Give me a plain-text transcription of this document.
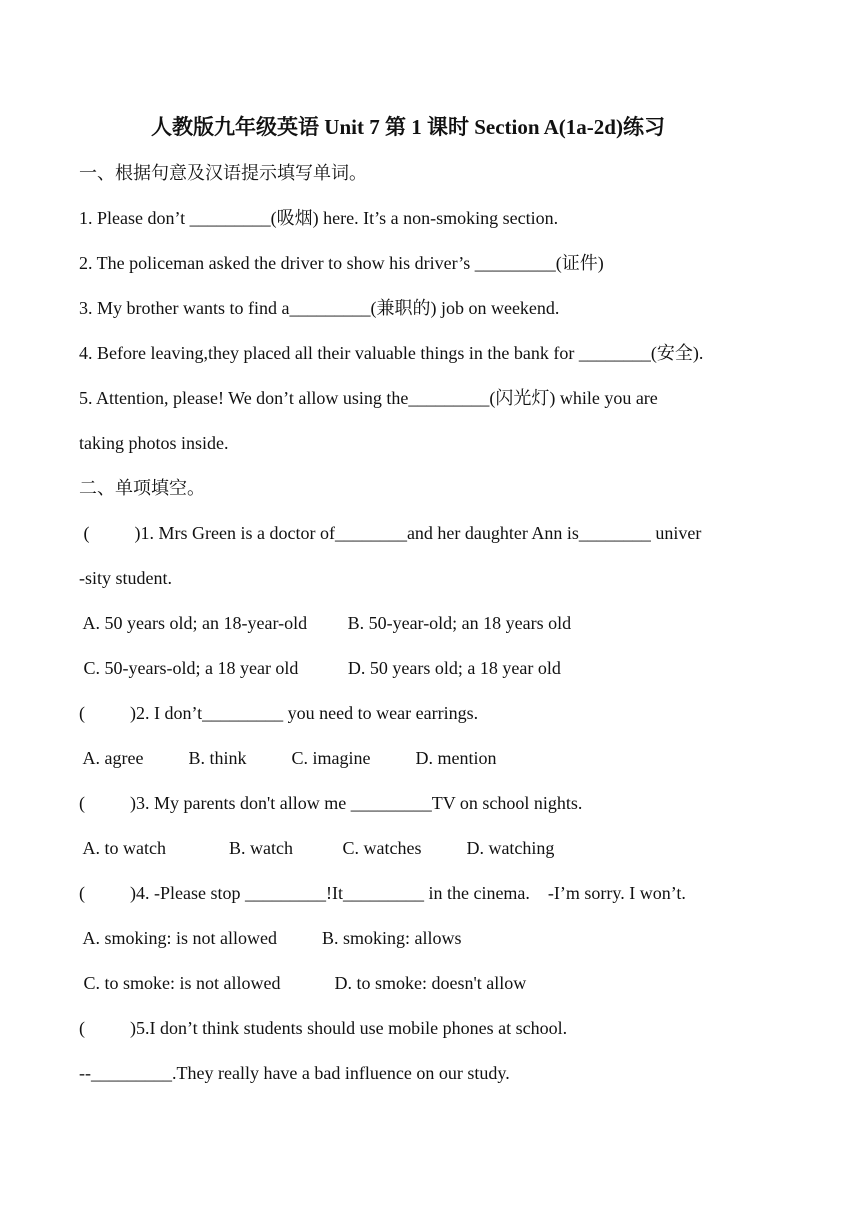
人教版九年级英语 Unit 7 第 1 课时 Section A(1a-2d)练习
一、根据句意及汉语提示填写单词。
1. Please don’t _________(吸烟) here. It’s a non-smoking section.
2. The policeman asked the driver to show his driver’s _________(证件)
3. My brother wants to find a_________(兼职的) job on weekend.
4. Before leaving,they placed all their valuable things in the bank for ________(安全).
5. Attention, please! We don’t allow using the_________(闪光灯) while you are
taking photos inside.
二、单项填空。
(          )1. Mrs Green is a doctor of________and her daughter Ann is________ univer
-sity student.
A. 50 years old; an 18-year-old         B. 50-year-old; an 18 years old
C. 50-years-old; a 18 year old           D. 50 years old; a 18 year old
(          )2. I don’t_________ you need to wear earrings.
A. agree          B. think          C. imagine          D. mention
(          )3. My parents don't allow me _________TV on school nights.
A. to watch              B. watch           C. watches          D. watching
(          )4. -Please stop _________!It_________ in the cinema.    -I’m sorry. I won’t.
A. smoking: is not allowed          B. smoking: allows
C. to smoke: is not allowed            D. to smoke: doesn't allow
(          )5.I don’t think students should use mobile phones at school.
--_________.They really have a bad influence on our study.
